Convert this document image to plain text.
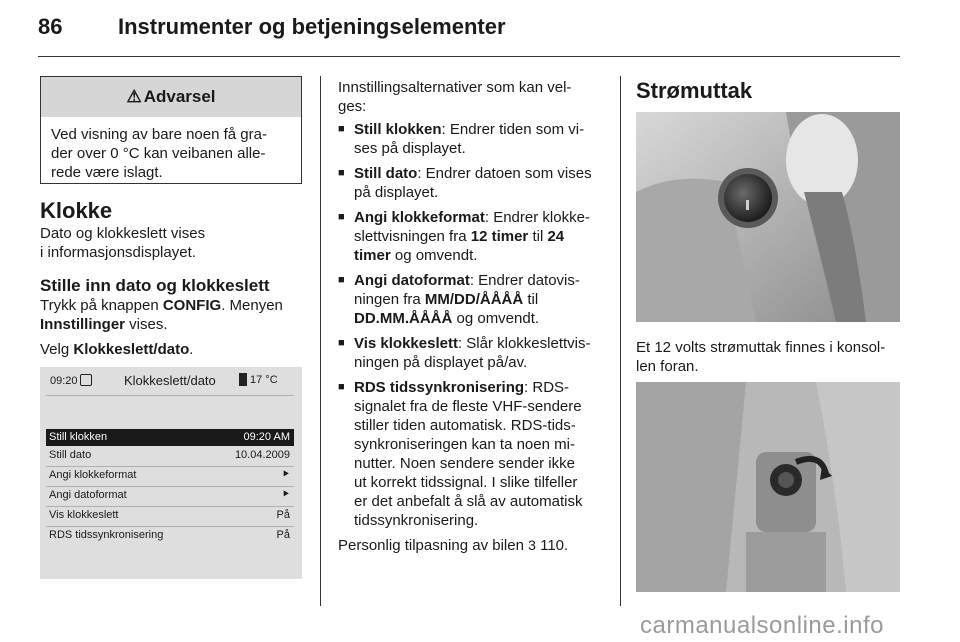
86	Instrumenter og betjeningselementer
⚠ Advarsel
Ved visning av bare noen få gra-
der over 0 °C kan veibanen alle-
rede være islagt.
Klokke
Dato og klokkeslett vises
i informasjonsdisplayet.
Stille inn dato og klokkeslett
Trykk på knappen CONFIG. Menyen
Innstillinger vises.
Velg Klokkeslett/dato.
09:20	Klokkeslett/dato	17 °C
Still klokken	09:20 AM
Still dato	10.04.2009
Angi klokkeformat	⯈
Angi datoformat	⯈
Vis klokkeslett	På
RDS tidssynkronisering	På
Innstillingsalternativer som kan vel-
ges:
■ Still klokken: Endrer tiden som vi-
ses på displayet.
■ Still dato: Endrer datoen som vises
på displayet.
■ Angi klokkeformat: Endrer klokke-
slettvisningen fra 12 timer til 24
timer og omvendt.
■ Angi datoformat: Endrer datovis-
ningen fra MM/DD/ÅÅÅÅ til
DD.MM.ÅÅÅÅ og omvendt.
■ Vis klokkeslett: Slår klokkeslettvis-
ningen på displayet på/av.
■ RDS tidssynkronisering: RDS-
signalet fra de fleste VHF-sendere
stiller tiden automatisk. RDS-tids-
synkroniseringen kan ta noen mi-
nutter. Noen sendere sender ikke
ut korrekt tidssignal. I slike tilfeller
er det anbefalt å slå av automatisk
tidssynkronisering.
Personlig tilpasning av bilen 3 110.
Strømuttak
Et 12 volts strømuttak finnes i konsol-
len foran.
carmanualsonline.info
